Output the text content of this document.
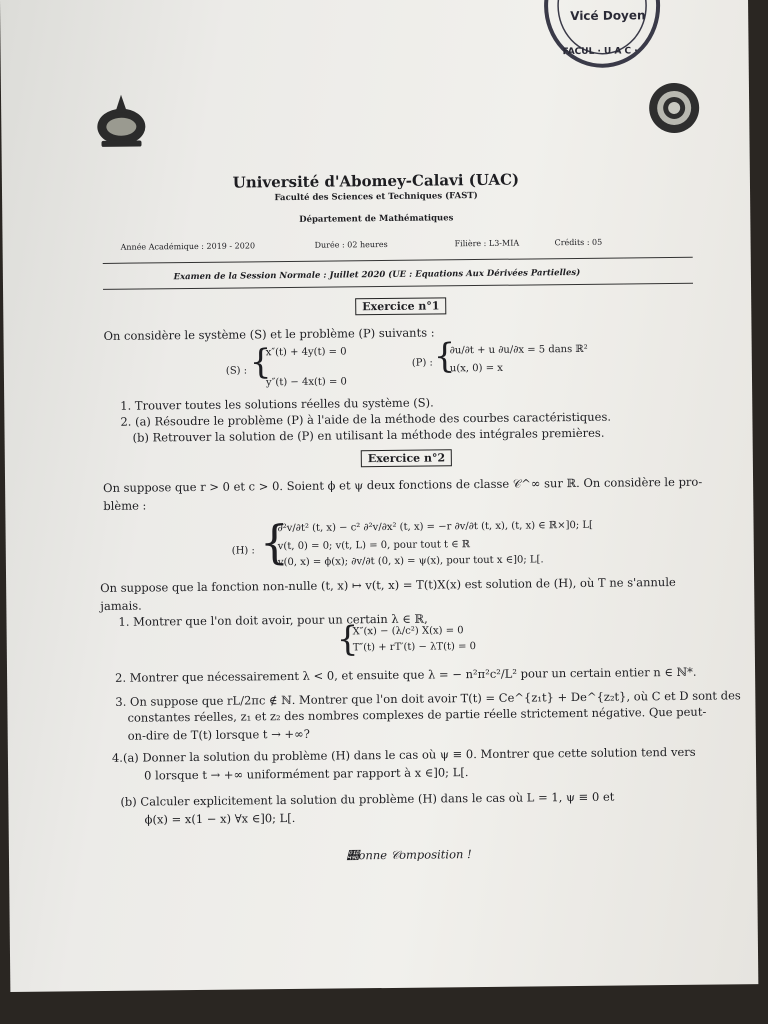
Vicé Doyen
FACUL · U A C ·
Université d'Abomey-Calavi (UAC)
Faculté des Sciences et Techniques (FAST)
Département de Mathématiques
Année Académique : 2019 - 2020	Durée : 02 heures	Filière : L3-MIA	Crédits : 05
Examen de la Session Normale : Juillet 2020 (UE : Equations Aux Dérivées Partielles)
Exercice n°1
On considère le système (S) et le problème (P) suivants :
(S) : {
x″(t) + 4y(t) = 0
y″(t) − 4x(t) = 0
(P) : {
∂u/∂t + u ∂u/∂x = 5 dans ℝ²
u(x, 0) = x
1. Trouver toutes les solutions réelles du système (S).
2. (a) Résoudre le problème (P) à l'aide de la méthode des courbes caractéristiques.
(b) Retrouver la solution de (P) en utilisant la méthode des intégrales premières.
Exercice n°2
On suppose que r > 0 et c > 0. Soient ϕ et ψ deux fonctions de classe 𝒞^∞ sur ℝ. On considère le pro-
blème :
(H) : {
∂²v/∂t² (t, x) − c² ∂²v/∂x² (t, x) = −r ∂v/∂t (t, x), (t, x) ∈ ℝ×]0; L[
v(t, 0) = 0; v(t, L) = 0, pour tout t ∈ ℝ
v(0, x) = ϕ(x); ∂v/∂t (0, x) = ψ(x), pour tout x ∈]0; L[.
On suppose que la fonction non-nulle (t, x) ↦ v(t, x) = T(t)X(x) est solution de (H), où T ne s'annule
jamais.
1. Montrer que l'on doit avoir, pour un certain λ ∈ ℝ,
{
X″(x) − (λ/c²) X(x) = 0
T″(t) + rT′(t) − λT(t) = 0
2. Montrer que nécessairement λ < 0, et ensuite que λ = − n²π²c²/L² pour un certain entier n ∈ ℕ*.
3. On suppose que rL/2πc ∉ ℕ. Montrer que l'on doit avoir T(t) = Ce^{z₁t} + De^{z₂t}, où C et D sont des
constantes réelles, z₁ et z₂ des nombres complexes de partie réelle strictement négative. Que peut-
on-dire de T(t) lorsque t → +∞?
4.(a) Donner la solution du problème (H) dans le cas où ψ ≡ 0. Montrer que cette solution tend vers
0 lorsque t → +∞ uniformément par rapport à x ∈]0; L[.
(b) Calculer explicitement la solution du problème (H) dans le cas où L = 1, ψ ≡ 0 et
ϕ(x) = x(1 − x) ∀x ∈]0; L[.
𝒝onne 𝒞omposition !
